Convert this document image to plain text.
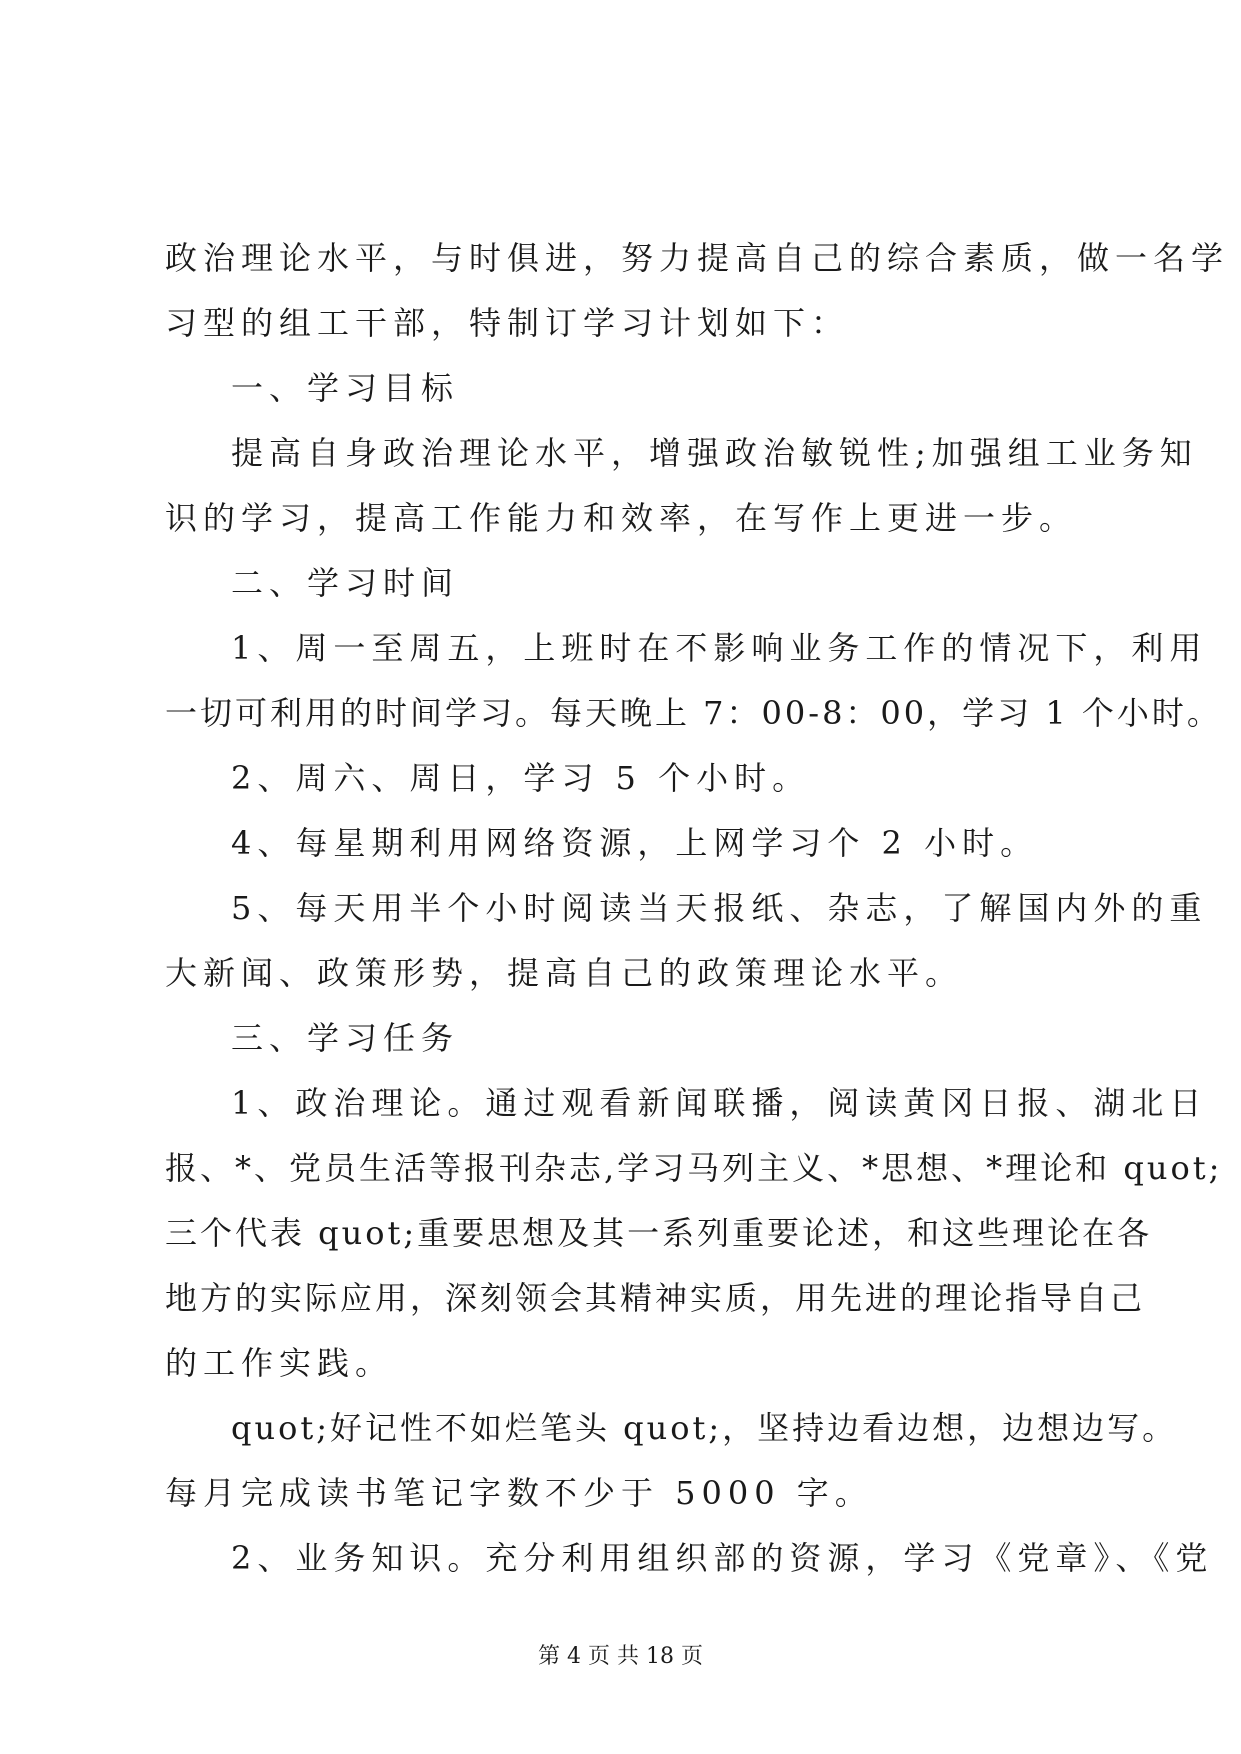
政治理论水平，与时俱进，努力提高自己的综合素质，做一名学
习型的组工干部，特制订学习计划如下：
一、学习目标
提高自身政治理论水平，增强政治敏锐性;加强组工业务知
识的学习，提高工作能力和效率，在写作上更进一步。
二、学习时间
1、周一至周五，上班时在不影响业务工作的情况下，利用
一切可利用的时间学习。每天晚上 7：00-8：00，学习 1 个小时。
2、周六、周日，学习 5 个小时。
4、每星期利用网络资源，上网学习个 2 小时。
5、每天用半个小时阅读当天报纸、杂志，了解国内外的重
大新闻、政策形势，提高自己的政策理论水平。
三、学习任务
1、政治理论。通过观看新闻联播，阅读黄冈日报、湖北日
报、*、党员生活等报刊杂志,学习马列主义、*思想、*理论和 quot;
三个代表 quot;重要思想及其一系列重要论述，和这些理论在各
地方的实际应用，深刻领会其精神实质，用先进的理论指导自己
的工作实践。
quot;好记性不如烂笔头 quot;，坚持边看边想，边想边写。
每月完成读书笔记字数不少于 5000 字。
2、业务知识。充分利用组织部的资源，学习《党章》、《党
第 4 页 共 18 页
